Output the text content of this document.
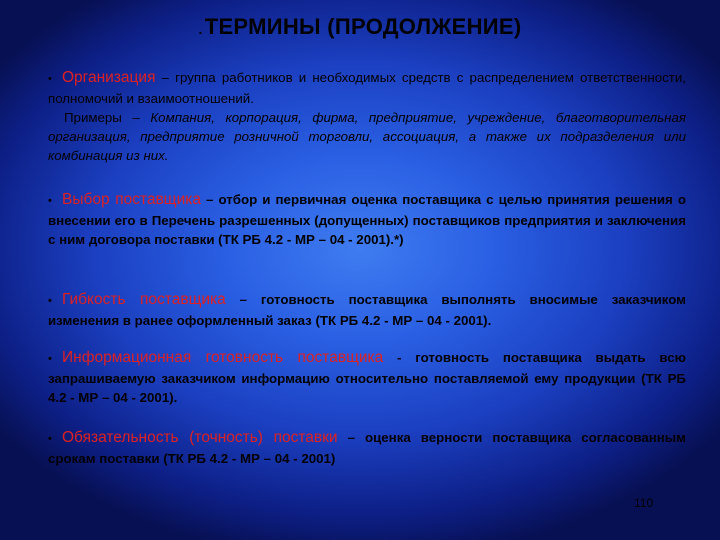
.ТЕРМИНЫ (ПРОДОЛЖЕНИЕ)
• Организация – группа работников и необходимых средств с распределением ответственности, полномочий и взаимоотношений.
Примеры – Компания, корпорация, фирма, предприятие, учреждение, благотворительная организация, предприятие розничной торговли, ассоциация, а также их подразделения или комбинация из них.
• Выбор поставщика – отбор и первичная оценка поставщика с целью принятия решения о внесении его в Перечень разрешенных (допущенных) поставщиков предприятия и заключения с ним договора поставки (ТК РБ 4.2 - МР – 04 - 2001).*)
• Гибкость поставщика – готовность поставщика выполнять вносимые заказчиком изменения в ранее оформленный заказ (ТК РБ 4.2 - МР – 04 - 2001).
• Информационная готовность поставщика - готовность поставщика выдать всю запрашиваемую заказчиком информацию относительно поставляемой ему продукции (ТК РБ 4.2 - МР – 04 - 2001).
• Обязательность (точность) поставки – оценка верности поставщика согласованным срокам поставки (ТК РБ 4.2 - МР – 04 - 2001)
110
